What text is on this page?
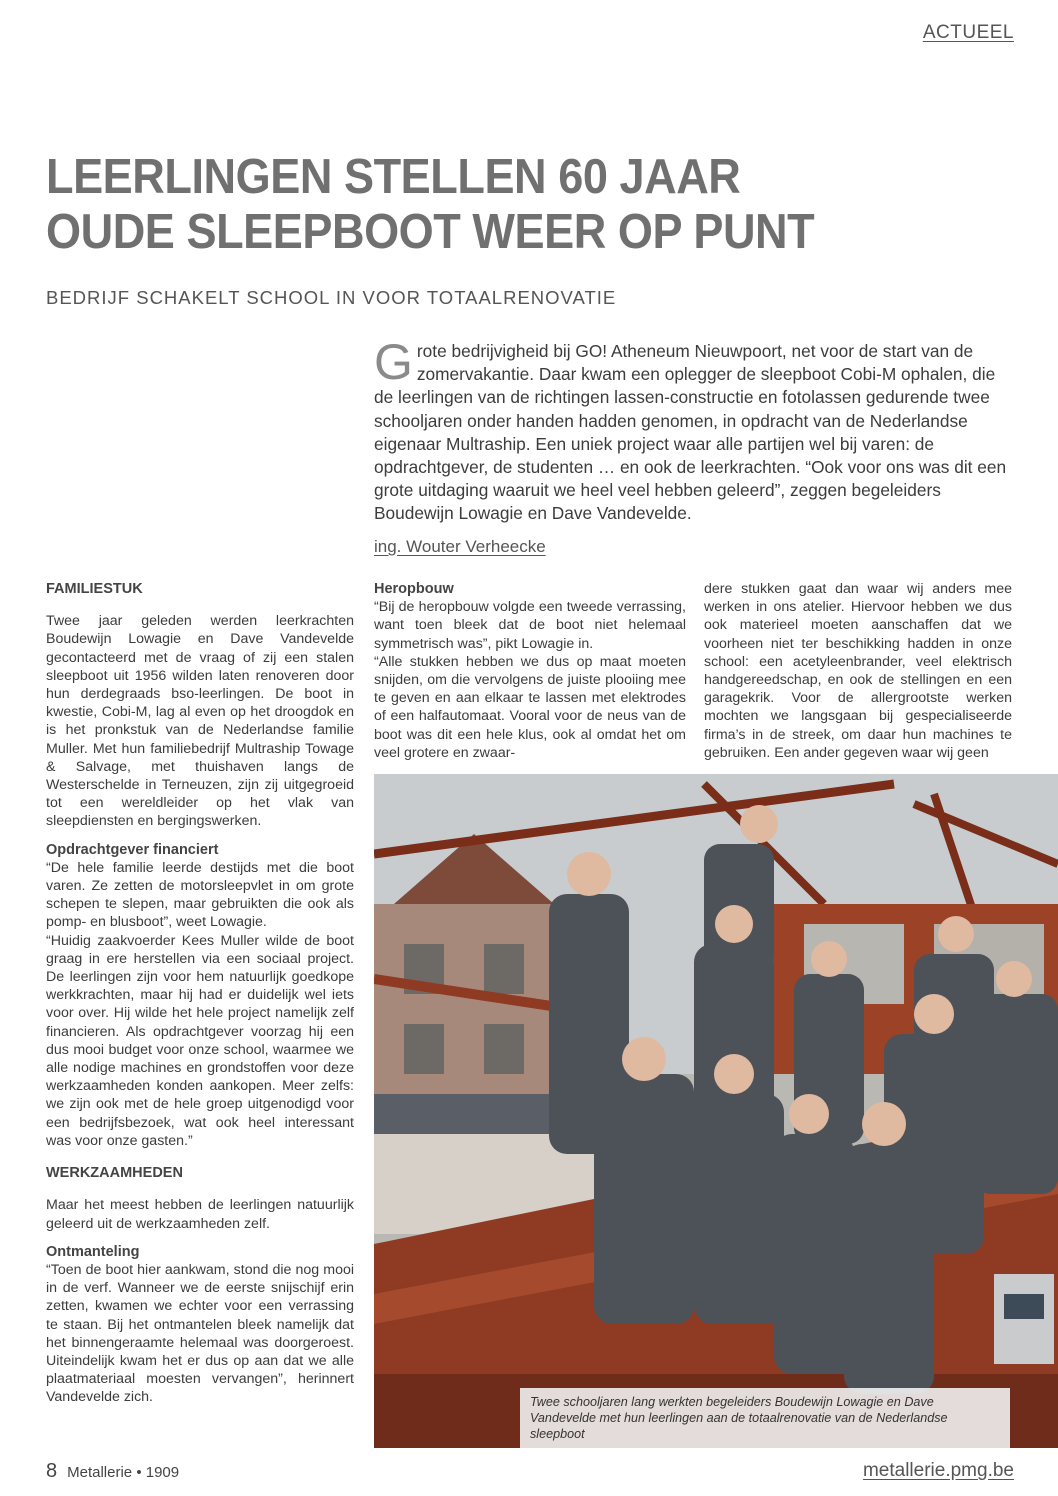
ACTUEEL
LEERLINGEN STELLEN 60 JAAR
OUDE SLEEPBOOT WEER OP PUNT
BEDRIJF SCHAKELT SCHOOL IN VOOR TOTAALRENOVATIE
Grote bedrijvigheid bij GO! Atheneum Nieuwpoort, net voor de start van de zomervakantie. Daar kwam een oplegger de sleepboot Cobi-M ophalen, die de leerlingen van de richtingen lassen-constructie en fotolassen gedurende twee schooljaren onder handen hadden genomen, in opdracht van de Nederlandse eigenaar Multraship. Een uniek project waar alle partijen wel bij varen: de opdrachtgever, de studenten … en ook de leerkrachten. “Ook voor ons was dit een grote uitdaging waaruit we heel veel hebben geleerd”, zeggen begeleiders Boudewijn Lowagie en Dave Vandevelde.
ing. Wouter Verheecke
FAMILIESTUK

Twee jaar geleden werden leerkrachten Boudewijn Lowagie en Dave Vandevelde gecontacteerd met de vraag of zij een stalen sleepboot uit 1956 wilden laten renoveren door hun derdegraads bso-leerlingen. De boot in kwestie, Cobi-M, lag al even op het droogdok en is het pronkstuk van de Nederlandse familie Muller. Met hun familiebedrijf Multraship Towage & Salvage, met thuishaven langs de Westerschelde in Terneuzen, zijn zij uitgegroeid tot een wereldleider op het vlak van sleepdiensten en bergingswerken.

Opdrachtgever financiert

“De hele familie leerde destijds met die boot varen. Ze zetten de motorsleepvlet in om grote schepen te slepen, maar gebruikten die ook als pomp- en blusboot”, weet Lowagie.

“Huidig zaakvoerder Kees Muller wilde de boot graag in ere herstellen via een sociaal project. De leerlingen zijn voor hem natuurlijk goedkope werkkrachten, maar hij had er duidelijk wel iets voor over. Hij wilde het hele project namelijk zelf financieren. Als opdrachtgever voorzag hij een dus mooi budget voor onze school, waarmee we alle nodige machines en grondstoffen voor deze werkzaamheden konden aankopen. Meer zelfs: we zijn ook met de hele groep uitgenodigd voor een bedrijfsbezoek, wat ook heel interessant was voor onze gasten.”

WERKZAAMHEDEN

Maar het meest hebben de leerlingen natuurlijk geleerd uit de werkzaamheden zelf.

Ontmanteling

“Toen de boot hier aankwam, stond die nog mooi in de verf. Wanneer we de eerste snijschijf erin zetten, kwamen we echter voor een verrassing te staan. Bij het ontmantelen bleek namelijk dat het binnengeraamte helemaal was doorgeroest. Uiteindelijk kwam het er dus op aan dat we alle plaatmateriaal moesten vervangen”, herinnert Vandevelde zich.

Heropbouw

“Bij de heropbouw volgde een tweede verrassing, want toen bleek dat de boot niet helemaal symmetrisch was”, pikt Lowagie in.

“Alle stukken hebben we dus op maat moeten snijden, om die vervolgens de juiste plooiing mee te geven en aan elkaar te lassen met elektrodes of een halfautomaat. Vooral voor de neus van de boot was dit een hele klus, ook al omdat het om veel grotere en zwaar-

dere stukken gaat dan waar wij anders mee werken in ons atelier. Hiervoor hebben we dus ook materieel moeten aanschaffen dat we voorheen niet ter beschikking hadden in onze school: een acetyleenbrander, veel elektrisch handgereedschap, en ook de stellingen en een garagekrik. Voor de allergrootste werken mochten we langsgaan bij gespecialiseerde firma’s in de streek, om daar hun machines te gebruiken. Een ander gegeven waar wij geen

Twee schooljaren lang werkten begeleiders Boudewijn Lowagie en Dave Vandevelde met hun leerlingen aan de totaalrenovatie van de Nederlandse sleepboot
8 Metallerie • 1909	metallerie.pmg.be
